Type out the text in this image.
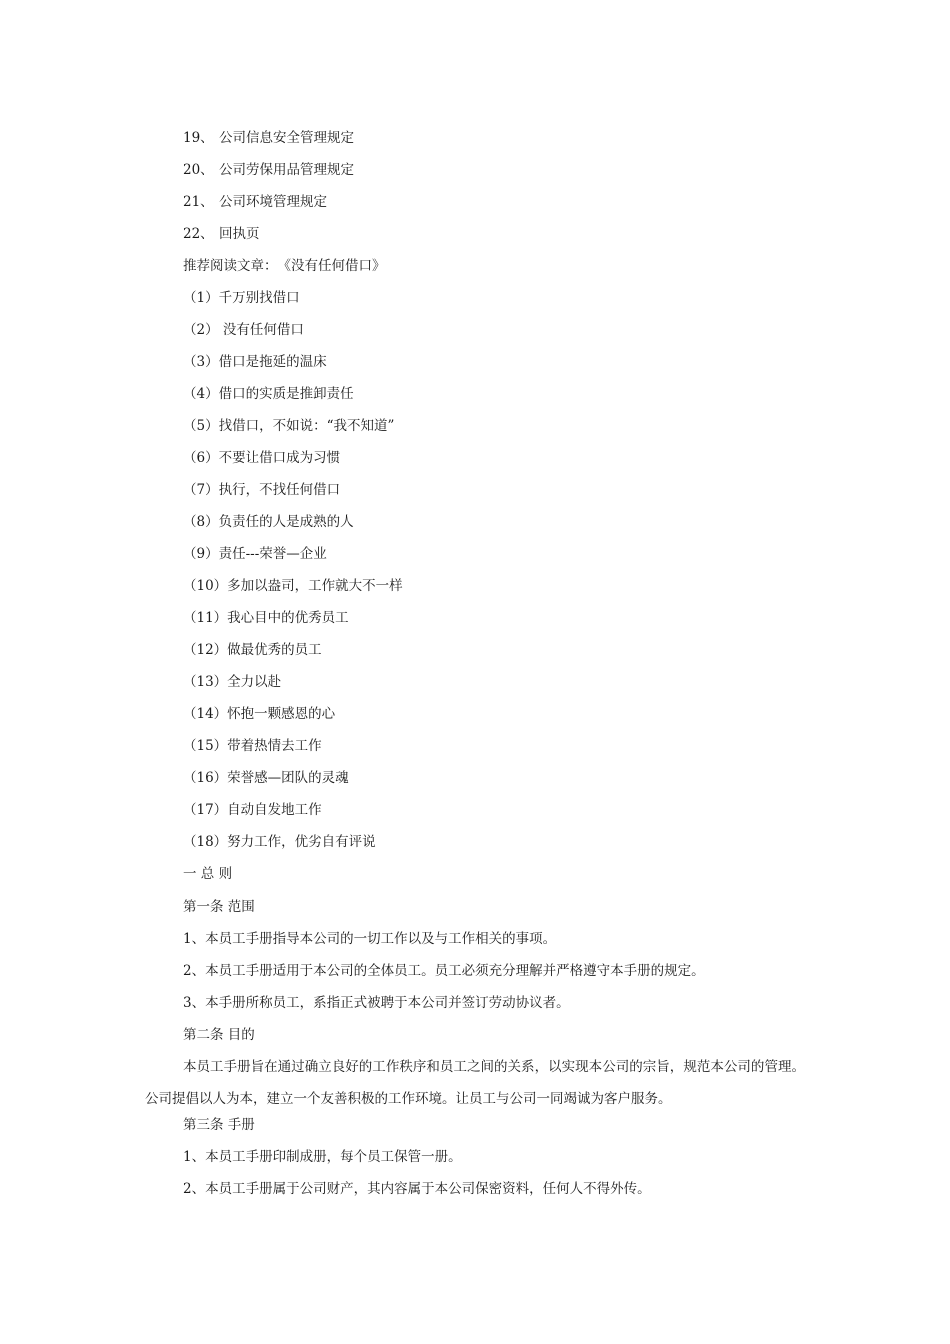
19、 公司信息安全管理规定
20、 公司劳保用品管理规定
21、 公司环境管理规定
22、 回执页
推荐阅读文章：　《没有任何借口》
（1）千万别找借口
（2） 没有任何借口
（3）借口是拖延的温床
（4）借口的实质是推卸责任
（5）找借口，不如说：“我不知道”
（6）不要让借口成为习惯
（7）执行，不找任何借口
（8）负责任的人是成熟的人
（9）责任---荣誉—企业
（10）多加以盎司，工作就大不一样
（11）我心目中的优秀员工
（12）做最优秀的员工
（13）全力以赴
（14）怀抱一颗感恩的心
（15）带着热情去工作
（16）荣誉感—团队的灵魂
（17）自动自发地工作
（18）努力工作，优劣自有评说
一 总 则
第一条 范围
1、本员工手册指导本公司的一切工作以及与工作相关的事项。
2、本员工手册适用于本公司的全体员工。员工必须充分理解并严格遵守本手册的规定。
3、本手册所称员工，系指正式被聘于本公司并签订劳动协议者。
第二条 目的
本员工手册旨在通过确立良好的工作秩序和员工之间的关系，以实现本公司的宗旨，规范本公司的管理。公司提倡以人为本，建立一个友善积极的工作环境。让员工与公司一同竭诚为客户服务。
第三条 手册
1、本员工手册印制成册，每个员工保管一册。
2、本员工手册属于公司财产，其内容属于本公司保密资料，任何人不得外传。
